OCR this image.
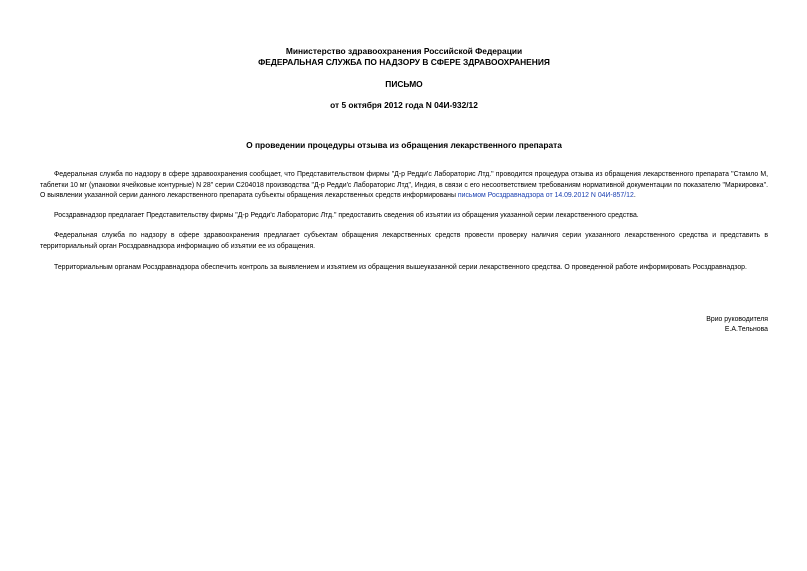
Министерство здравоохранения Российской Федерации
ФЕДЕРАЛЬНАЯ СЛУЖБА ПО НАДЗОРУ В СФЕРЕ ЗДРАВООХРАНЕНИЯ
ПИСЬМО
от 5 октября 2012 года N 04И-932/12
О проведении процедуры отзыва из обращения лекарственного препарата
Федеральная служба по надзору в сфере здравоохранения сообщает, что Представительством фирмы "Д-р Редди'с Лабораторис Лтд." проводится процедура отзыва из обращения лекарственного препарата "Стамло М, таблетки 10 мг (упаковки ячейковые контурные) N 28" серии С204018 производства "Д-р Редди'с Лабораторис Лтд", Индия, в связи с его несоответствием требованиям нормативной документации по показателю "Маркировка". О выявлении указанной серии данного лекарственного препарата субъекты обращения лекарственных средств информированы письмом Росздравнадзора от 14.09.2012 N 04И-857/12.
Росздравнадзор предлагает Представительству фирмы "Д-р Редди'с Лабораторис Лтд." предоставить сведения об изъятии из обращения указанной серии лекарственного средства.
Федеральная служба по надзору в сфере здравоохранения предлагает субъектам обращения лекарственных средств провести проверку наличия серии указанного лекарственного средства и представить в территориальный орган Росздравнадзора информацию об изъятии ее из обращения.
Территориальным органам Росздравнадзора обеспечить контроль за выявлением и изъятием из обращения вышеуказанной серии лекарственного средства. О проведенной работе информировать Росздравнадзор.
Врио руководителя
Е.А.Тельнова
